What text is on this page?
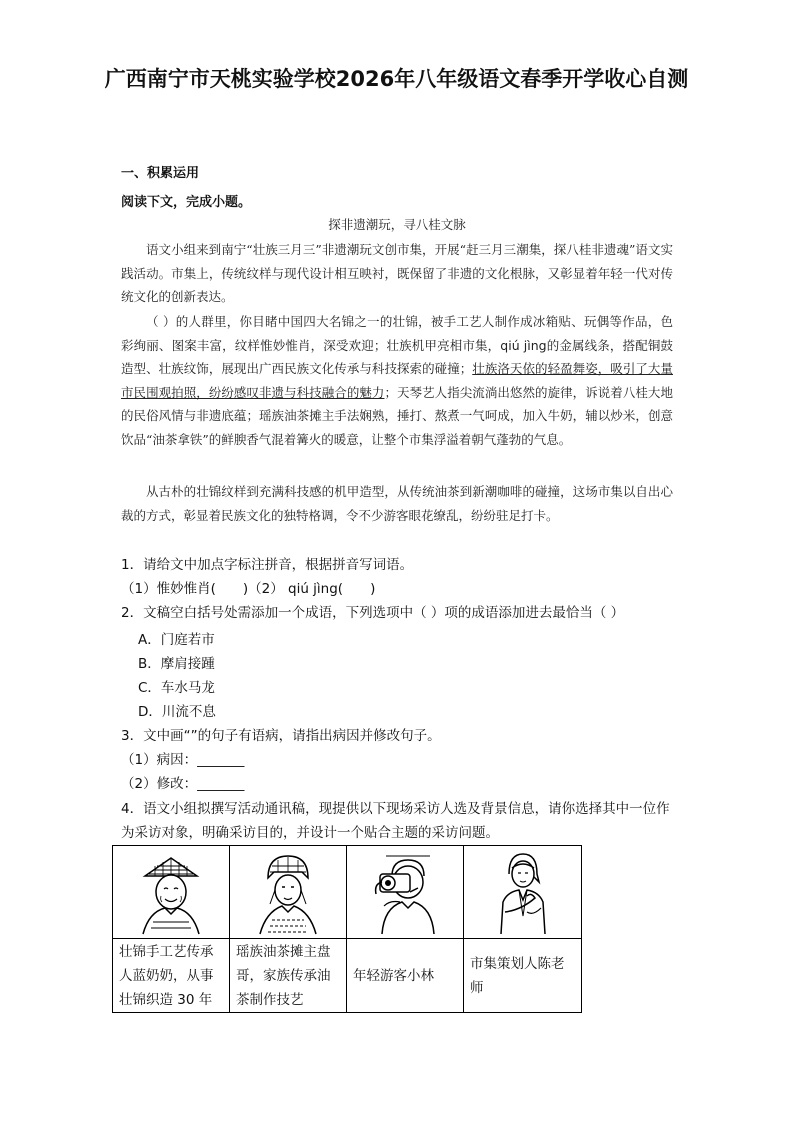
广西南宁市天桃实验学校2026年八年级语文春季开学收心自测
一、积累运用
阅读下文，完成小题。
探非遗潮玩，寻八桂文脉

语文小组来到南宁“壮族三月三”非遗潮玩文创市集，开展“赶三月三潮集，探八桂非遗魂”语文实践活动。市集上，传统纹样与现代设计相互映衬，既保留了非遗的文化根脉，又彰显着年轻一代对传统文化的创新表达。

（ ）的人群里，你目睹中国四大名锦之一的壮锦，被手工艺人制作成冰箱贴、玩偶等作品，色彩绚丽、图案丰富，纹样惟妙惟肖，深受欢迎；壮族机甲亮相市集，qiú jìng的金属线条，搭配铜鼓造型、壮族纹饰，展现出广西民族文化传承与科技探索的碰撞；壮族洛天依的轻盈舞姿，吸引了大量市民围观拍照，纷纷感叹非遗与科技融合的魅力；天琴艺人指尖流淌出悠然的旋律，诉说着八桂大地的民俗风情与非遗底蕴；瑶族油茶摊主手法娴熟，捶打、熬煮一气呵成，加入牛奶，辅以炒米，创意饮品“油茶拿铁”的鲜腴香气混着篝火的暖意，让整个市集浮溢着朝气蓬勃的气息。

从古朴的壮锦纹样到充满科技感的机甲造型，从传统油茶到新潮咖啡的碰撞，这场市集以自出心裁的方式，彰显着民族文化的独特格调，令不少游客眼花缭乱，纷纷驻足打卡。

1．请给文中加点字标注拼音，根据拼音写词语。

（1）惟妙惟肖(　　)（2） qiú jìng(　　)

2．文稿空白括号处需添加一个成语，下列选项中（ ）项的成语添加进去最恰当（ ）

A．门庭若市
B．摩肩接踵
C．车水马龙
D．川流不息

3．文中画“”的句子有语病，请指出病因并修改句子。

（1）病因：_______

（2）修改：_______

4．语文小组拟撰写活动通讯稿，现提供以下现场采访人选及背景信息，请你选择其中一位作为采访对象，明确采访目的，并设计一个贴合主题的采访问题。

壮锦手工艺传承人蓝奶奶，从事壮锦织造 30 年	瑶族油茶摊主盘哥，家族传承油茶制作技艺	年轻游客小林	市集策划人陈老师
